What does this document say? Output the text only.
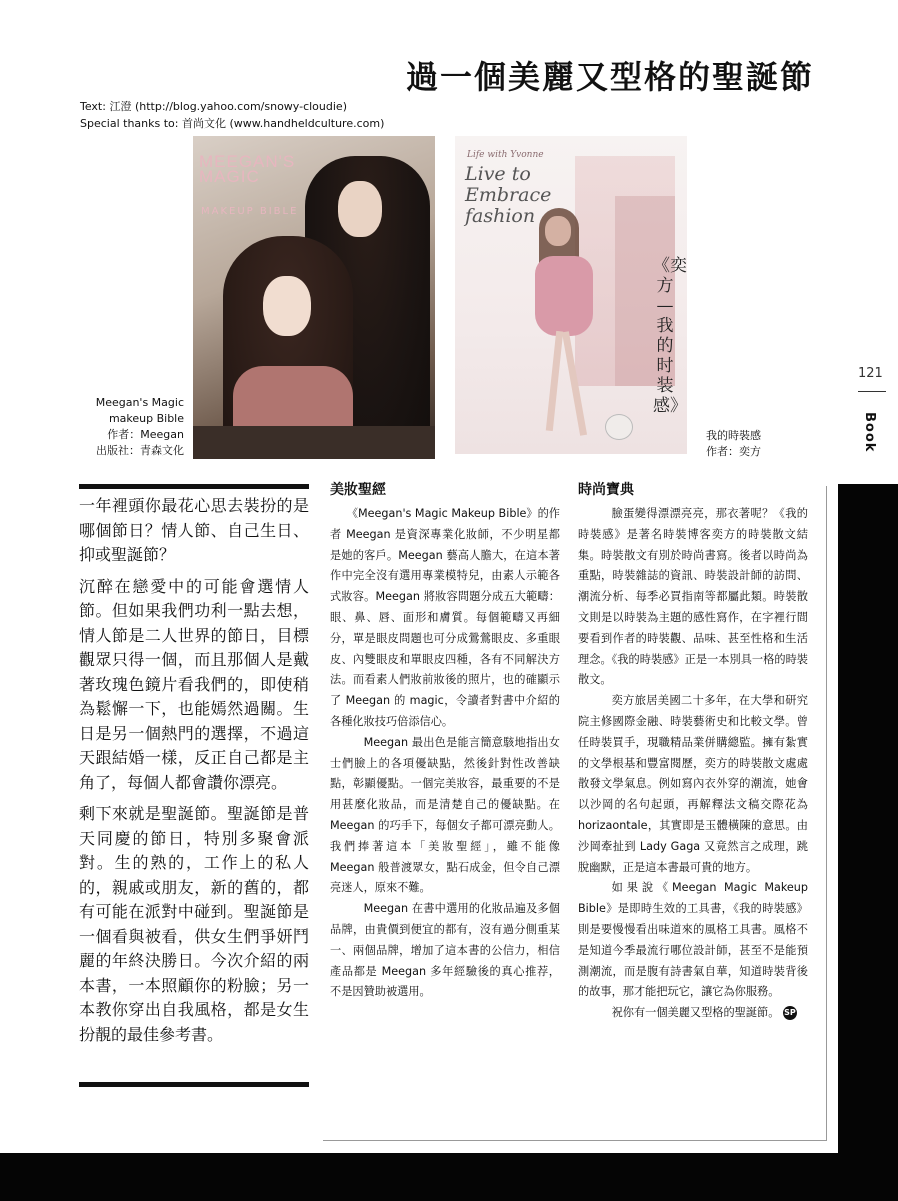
過一個美麗又型格的聖誕節
Text: 江澄 (http://blog.yahoo.com/snowy-cloudie)
Special thanks to: 首尚文化 (www.handheldculture.com)
MEEGAN'S
MAGIC
MAKEUP BIBLE
Meegan's Magic
makeup Bible
作者：Meegan
出版社：青森文化
Life with Yvonne
Live to
Embrace
fashion
《奕方 — 我的时装感》
我的時裝感
作者：奕方
121
Book

一年裡頭你最花心思去裝扮的是哪個節日？情人節、自己生日、抑或聖誕節？

沉醉在戀愛中的可能會選情人節。但如果我們功利一點去想，情人節是二人世界的節日，目標觀眾只得一個，而且那個人是戴著玫瑰色鏡片看我們的，即使稍為鬆懈一下，也能嫣然過關。生日是另一個熱門的選擇，不過這天跟結婚一樣，反正自己都是主角了，每個人都會讚你漂亮。

剩下來就是聖誕節。聖誕節是普天同慶的節日，特別多聚會派對。生的熟的，工作上的私人的，親戚或朋友，新的舊的，都有可能在派對中碰到。聖誕節是一個看與被看，供女生們爭妍鬥麗的年終決勝日。今次介紹的兩本書，一本照顧你的粉臉；另一本教你穿出自我風格，都是女生扮靚的最佳參考書。

美妝聖經

《Meegan's Magic Makeup Bible》的作者 Meegan 是資深專業化妝師，不少明星都是她的客戶。Meegan 藝高人膽大，在這本著作中完全沒有選用專業模特兒，由素人示範各式妝容。Meegan 將妝容問題分成五大範疇：眼、鼻、唇、面形和膚質。每個範疇又再細分，單是眼皮問題也可分成鶯鶯眼皮、多重眼皮、內雙眼皮和單眼皮四種，各有不同解決方法。而看素人們妝前妝後的照片，也的確顯示了 Meegan 的 magic，令讀者對書中介紹的各種化妝技巧倍添信心。

Meegan 最出色是能言簡意駭地指出女士們臉上的各項優缺點，然後針對性改善缺點，彰顯優點。一個完美妝容，最重要的不是用甚麼化妝品，而是清楚自己的優缺點。在 Meegan 的巧手下，每個女子都可漂亮動人。我們捧著這本「美妝聖經」，雖不能像 Meegan 般普渡眾女，點石成金，但令自己漂亮迷人，原來不難。

Meegan 在書中選用的化妝品遍及多個品牌，由貴價到便宜的都有，沒有過分側重某一、兩個品牌，增加了這本書的公信力，相信產品都是 Meegan 多年經驗後的真心推荐，不是因贊助被選用。

時尚寶典

臉蛋變得漂漂亮亮，那衣著呢？《我的時裝感》是著名時裝博客奕方的時裝散文結集。時裝散文有別於時尚書寫。後者以時尚為重點，時裝雜誌的資訊、時裝設計師的訪問、潮流分析、每季必買指南等都屬此類。時裝散文則是以時裝為主題的感性寫作，在字裡行間要看到作者的時裝觀、品味、甚至性格和生活理念。《我的時裝感》正是一本別具一格的時裝散文。

奕方旅居美國二十多年，在大學和研究院主修國際金融、時裝藝術史和比較文學。曾任時裝買手，現職精品業併購總監。擁有紮實的文學根基和豐富閱歷，奕方的時裝散文處處散發文學氣息。例如寫內衣外穿的潮流，她會以沙岡的名句起頭，再解釋法文稿交際花為 horizaontale，其實即是玉體橫陳的意思。由沙岡牽扯到 Lady Gaga 又竟然言之成理，跳脫幽默，正是這本書最可貴的地方。

如果說《Meegan Magic Makeup Bible》是即時生效的工具書，《我的時裝感》則是要慢慢看出味道來的風格工具書。風格不是知道今季最流行哪位設計師，甚至不是能預測潮流，而是腹有詩書氣自華，知道時裝背後的故事，那才能把玩它，讓它為你服務。

祝你有一個美麗又型格的聖誕節。 SP
